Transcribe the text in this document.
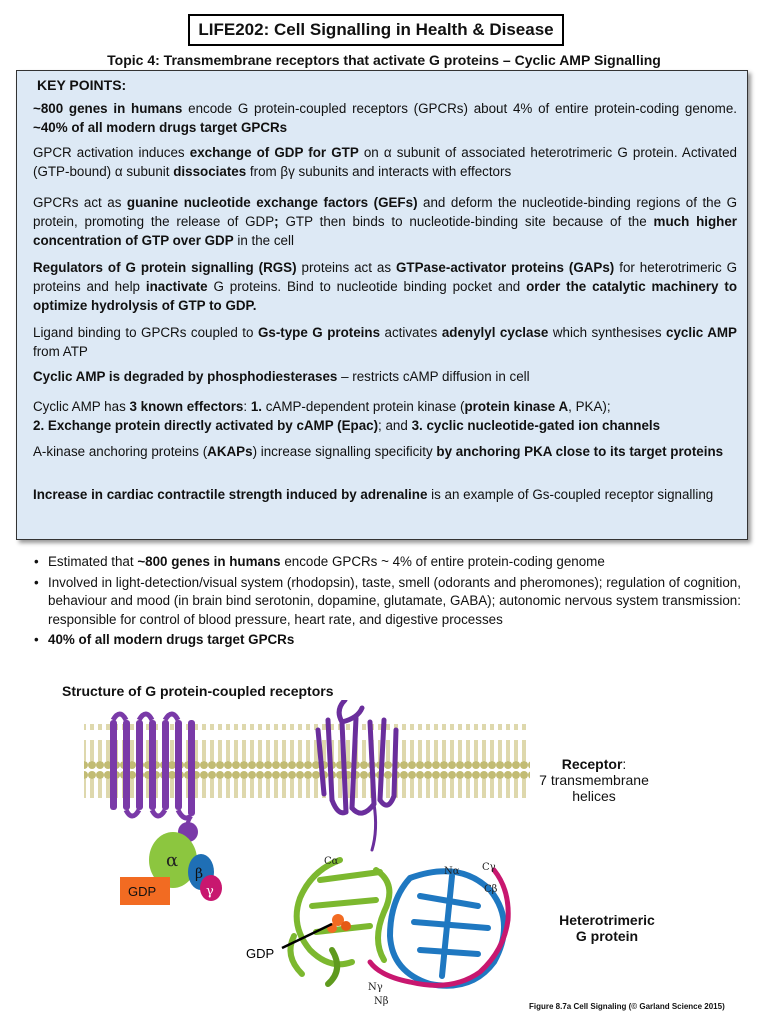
LIFE202: Cell Signalling in Health & Disease
Topic 4: Transmembrane receptors that activate G proteins – Cyclic AMP Signalling
KEY POINTS:
~800 genes in humans encode G protein-coupled receptors (GPCRs) about 4% of entire protein-coding genome. ~40% of all modern drugs target GPCRs
GPCR activation induces exchange of GDP for GTP on α subunit of associated heterotrimeric G protein. Activated (GTP-bound) α subunit dissociates from βγ subunits and interacts with effectors
GPCRs act as guanine nucleotide exchange factors (GEFs) and deform the nucleotide-binding regions of the G protein, promoting the release of GDP; GTP then binds to nucleotide-binding site because of the much higher concentration of GTP over GDP in the cell
Regulators of G protein signalling (RGS) proteins act as GTPase-activator proteins (GAPs) for heterotrimeric G proteins and help inactivate G proteins. Bind to nucleotide binding pocket and order the catalytic machinery to optimize hydrolysis of GTP to GDP.
Ligand binding to GPCRs coupled to Gs-type G proteins activates adenylyl cyclase which synthesises cyclic AMP from ATP
Cyclic AMP is degraded by phosphodiesterases – restricts cAMP diffusion in cell
Cyclic AMP has 3 known effectors: 1. cAMP-dependent protein kinase (protein kinase A, PKA);
2. Exchange protein directly activated by cAMP (Epac); and 3. cyclic nucleotide-gated ion channels
A-kinase anchoring proteins (AKAPs) increase signalling specificity by anchoring PKA close to its target proteins
Increase in cardiac contractile strength induced by adrenaline is an example of Gs-coupled receptor signalling
• Estimated that ~800 genes in humans encode GPCRs ~ 4% of entire protein-coding genome
• Involved in light-detection/visual system (rhodopsin), taste, smell (odorants and pheromones); regulation of cognition, behaviour and mood (in brain bind serotonin, dopamine, glutamate, GABA); autonomic nervous system transmission: responsible for control of blood pressure, heart rate, and digestive processes
• 40% of all modern drugs target GPCRs
Structure of G protein-coupled receptors
α
β
γ
GDP
GDP
Cα
Nα Cγ
Cβ
Nγ
Nβ
Receptor:
7 transmembrane
helices
Heterotrimeric
G protein
Figure 8.7a Cell Signaling (© Garland Science 2015)
